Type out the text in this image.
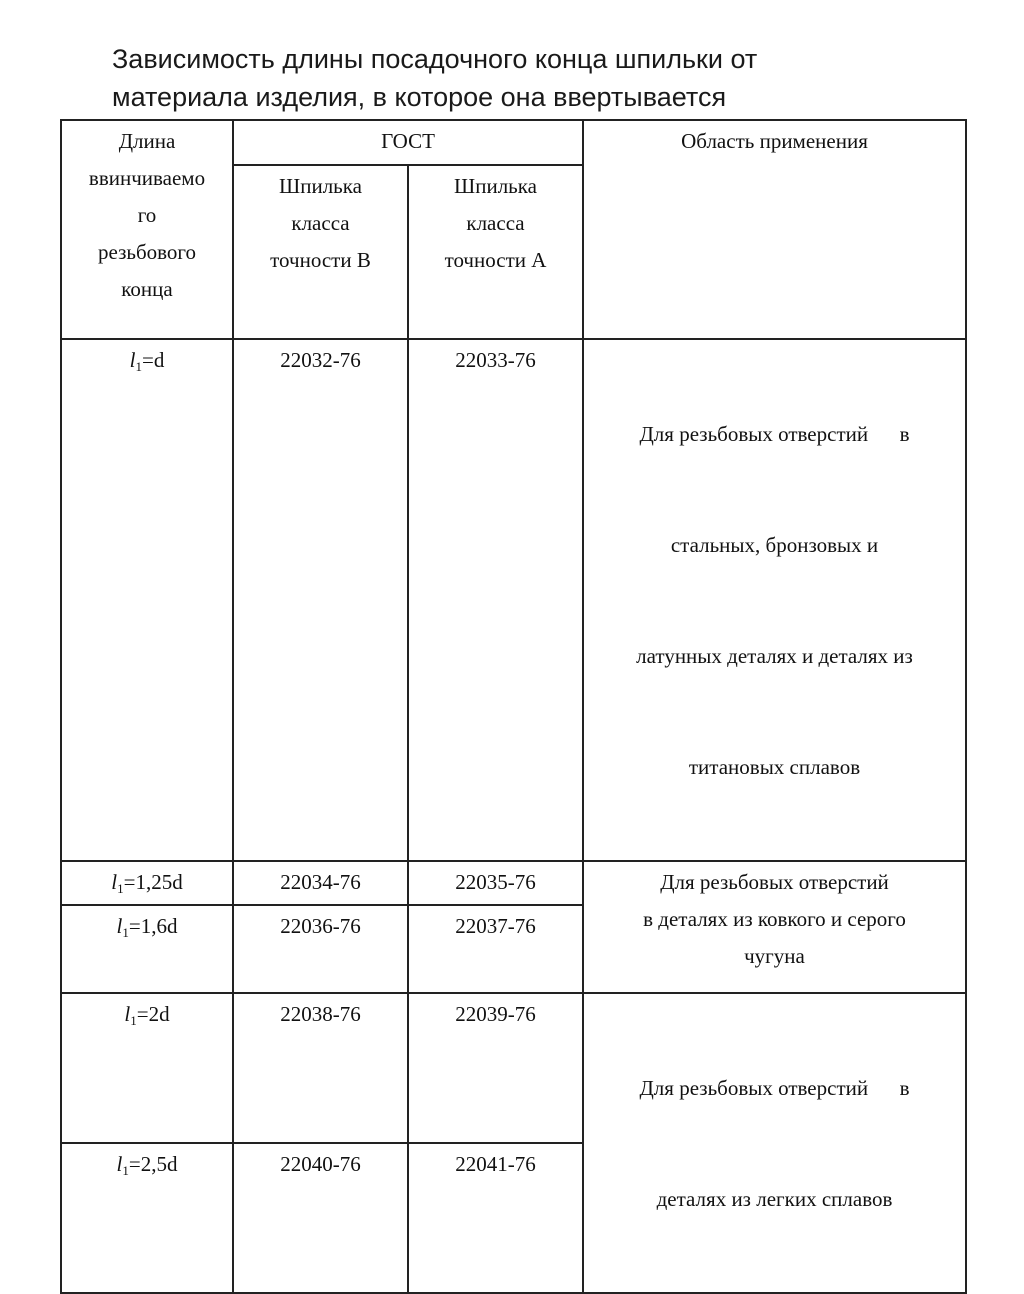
Зависимость длины посадочного конца шпильки от
материала изделия, в которое она ввертывается
Длина
ввинчиваемо
го
резьбового
конца	ГОСТ		Область применения

	Шпилька
класса
точности В	Шпилька
класса
точности А	

$l_1=d$	22032-76	22033-76	Для резьбовых отверстий      в

стальных, бронзовых и

латунных деталях и деталях из

титановых сплавов

$l_1=1,25d$	22034-76	22035-76	Для резьбовых отверстий
в деталях из ковкого и серого
чугуна

$l_1=1,6d$	22036-76	22037-76	
$l_1=2d$	22038-76	22039-76	Для резьбовых отверстий      в

деталях из легких сплавов

$l_1=2,5d$	22040-76	22041-76	
